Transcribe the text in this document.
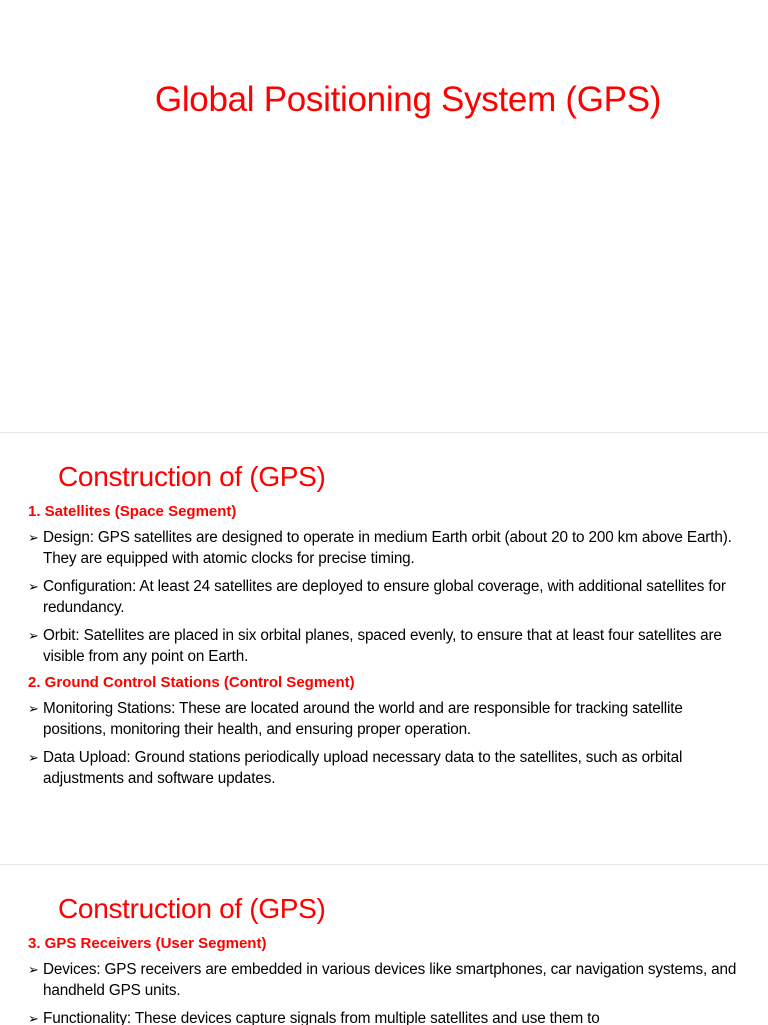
Global Positioning System (GPS)
Construction of (GPS)

1. Satellites (Space Segment)

➢ Design: GPS satellites are designed to operate in medium Earth orbit (about 20 to 200 km above Earth). They are equipped with atomic clocks for precise timing.

➢ Configuration: At least 24 satellites are deployed to ensure global coverage, with additional satellites for redundancy.

➢ Orbit: Satellites are placed in six orbital planes, spaced evenly, to ensure that at least four satellites are visible from any point on Earth.

2. Ground Control Stations (Control Segment)

➢ Monitoring Stations: These are located around the world and are responsible for tracking satellite positions, monitoring their health, and ensuring proper operation.

➢ Data Upload: Ground stations periodically upload necessary data to the satellites, such as orbital adjustments and software updates.

Construction of (GPS)

3. GPS Receivers (User Segment)

➢ Devices: GPS receivers are embedded in various devices like smartphones, car navigation systems, and handheld GPS units.

➢ Functionality: These devices capture signals from multiple satellites and use them to
